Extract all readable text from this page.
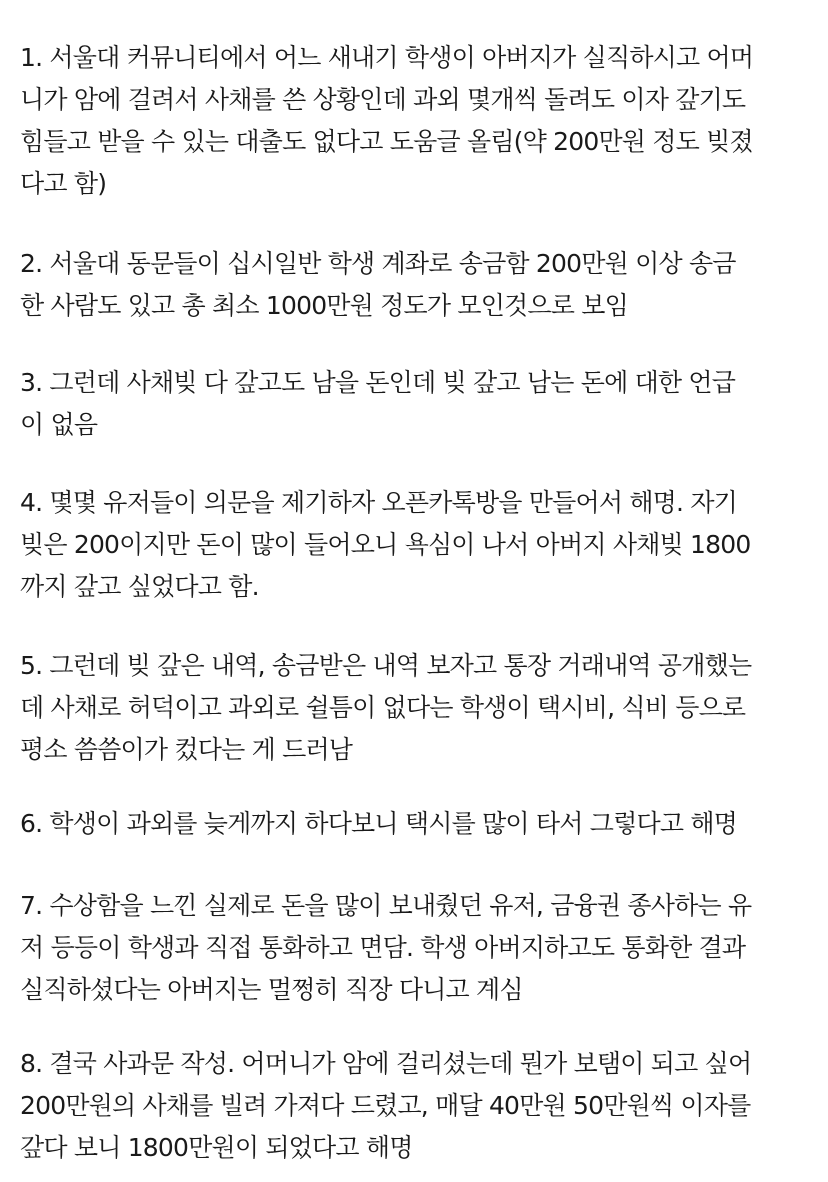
1. 서울대 커뮤니티에서 어느 새내기 학생이 아버지가 실직하시고 어머
니가 암에 걸려서 사채를 쓴 상황인데 과외 몇개씩 돌려도 이자 갚기도
힘들고 받을 수 있는 대출도 없다고 도움글 올림(약 200만원 정도 빚졌
다고 함)

2. 서울대 동문들이 십시일반 학생 계좌로 송금함 200만원 이상 송금
한 사람도 있고 총 최소 1000만원 정도가 모인것으로 보임

3. 그런데 사채빚 다 갚고도 남을 돈인데 빚 갚고 남는 돈에 대한 언급
이 없음

4. 몇몇 유저들이 의문을 제기하자 오픈카톡방을 만들어서 해명. 자기
빚은 200이지만 돈이 많이 들어오니 욕심이 나서 아버지 사채빚 1800
까지 갚고 싶었다고 함.

5. 그런데 빚 갚은 내역, 송금받은 내역 보자고 통장 거래내역 공개했는
데 사채로 허덕이고 과외로 쉴틈이 없다는 학생이 택시비, 식비 등으로
평소 씀씀이가 컸다는 게 드러남

6. 학생이 과외를 늦게까지 하다보니 택시를 많이 타서 그렇다고 해명

7. 수상함을 느낀 실제로 돈을 많이 보내줬던 유저, 금융권 종사하는 유
저 등등이 학생과 직접 통화하고 면담. 학생 아버지하고도 통화한 결과
실직하셨다는 아버지는 멀쩡히 직장 다니고 계심

8. 결국 사과문 작성. 어머니가 암에 걸리셨는데 뭔가 보탬이 되고 싶어
200만원의 사채를 빌려 가져다 드렸고, 매달 40만원 50만원씩 이자를
갚다 보니 1800만원이 되었다고 해명
